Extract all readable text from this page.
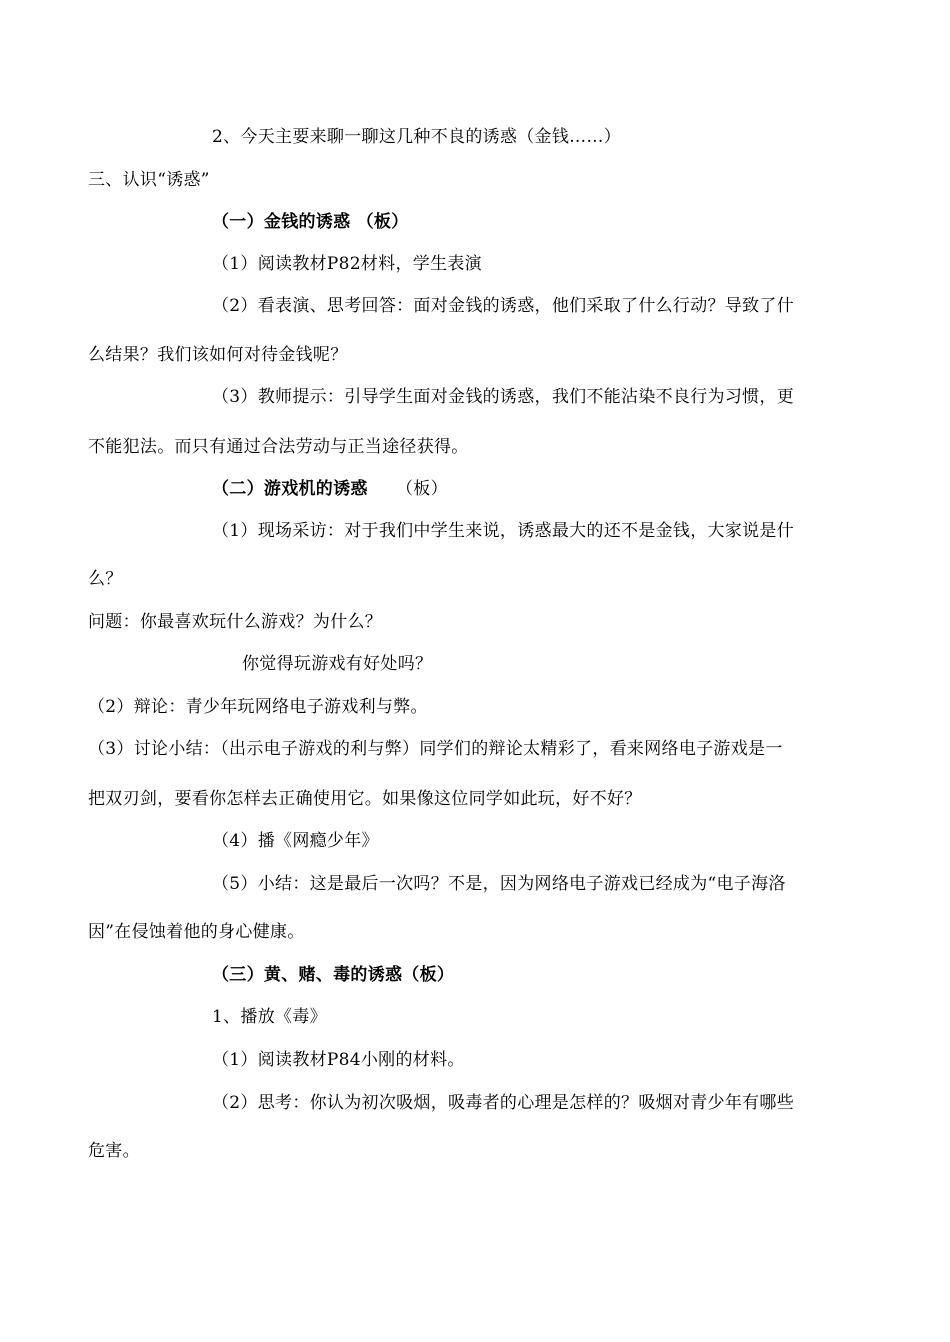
2、今天主要来聊一聊这几种不良的诱惑（金钱……）
三、认识“诱惑”
（一）金钱的诱惑 （板）
（1）阅读教材P82材料，学生表演
（2）看表演、思考回答：面对金钱的诱惑，他们采取了什么行动？导致了什
么结果？我们该如何对待金钱呢？
（3）教师提示：引导学生面对金钱的诱惑，我们不能沾染不良行为习惯，更
不能犯法。而只有通过合法劳动与正当途径获得。
（二）游戏机的诱惑 （板）
（1）现场采访：对于我们中学生来说，诱惑最大的还不是金钱，大家说是什
么？
问题：你最喜欢玩什么游戏？为什么？
你觉得玩游戏有好处吗？
（2）辩论：青少年玩网络电子游戏利与弊。
（3）讨论小结：（出示电子游戏的利与弊）同学们的辩论太精彩了，看来网络电子游戏是一
把双刃剑，要看你怎样去正确使用它。如果像这位同学如此玩，好不好？
（4）播《网瘾少年》
（5）小结：这是最后一次吗？不是，因为网络电子游戏已经成为“电子海洛
因”在侵蚀着他的身心健康。
（三）黄、赌、毒的诱惑（板）
1、播放《毒》
（1）阅读教材P84小刚的材料。
（2）思考：你认为初次吸烟，吸毒者的心理是怎样的？吸烟对青少年有哪些
危害。
